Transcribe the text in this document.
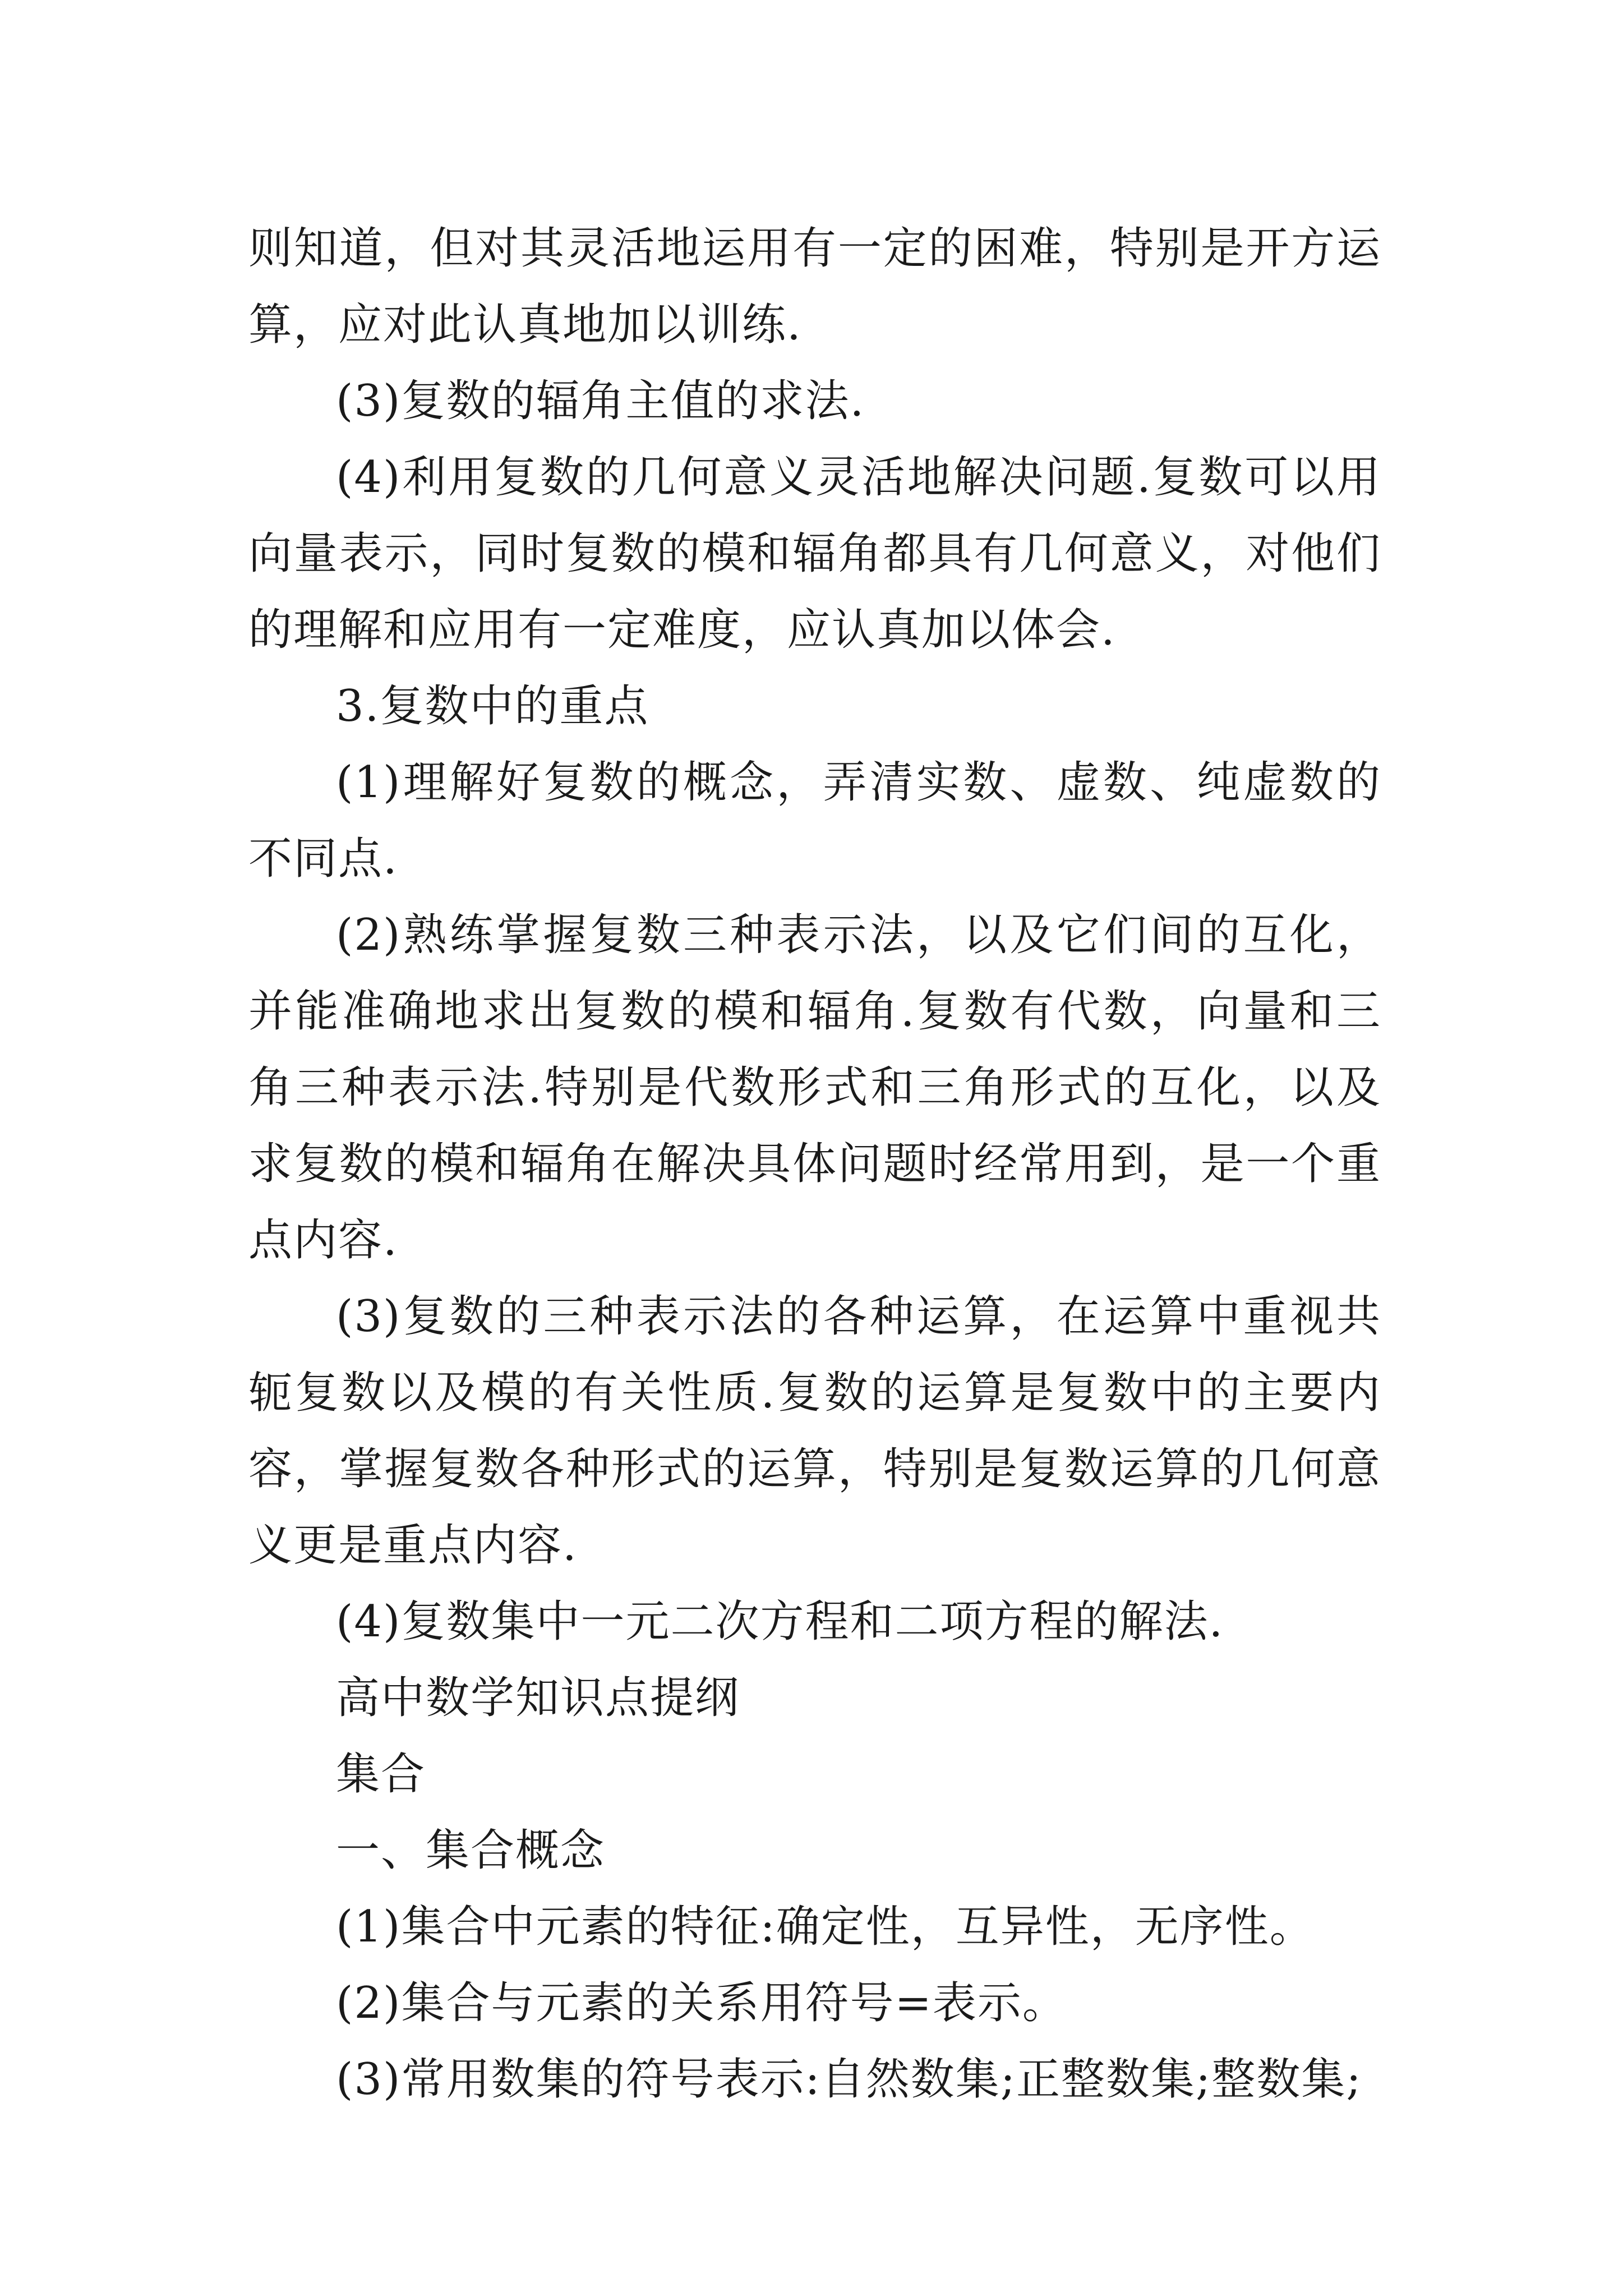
则知道，但对其灵活地运用有一定的困难，特别是开方运算，应对此认真地加以训练.

(3)复数的辐角主值的求法.

(4)利用复数的几何意义灵活地解决问题.复数可以用向量表示，同时复数的模和辐角都具有几何意义，对他们的理解和应用有一定难度，应认真加以体会.

3.复数中的重点

(1)理解好复数的概念，弄清实数、虚数、纯虚数的不同点.

(2)熟练掌握复数三种表示法，以及它们间的互化，并能准确地求出复数的模和辐角.复数有代数，向量和三角三种表示法.特别是代数形式和三角形式的互化，以及求复数的模和辐角在解决具体问题时经常用到，是一个重点内容.

(3)复数的三种表示法的各种运算，在运算中重视共轭复数以及模的有关性质.复数的运算是复数中的主要内容，掌握复数各种形式的运算，特别是复数运算的几何意义更是重点内容.

(4)复数集中一元二次方程和二项方程的解法.

高中数学知识点提纲

集合

一、集合概念

(1)集合中元素的特征:确定性，互异性，无序性。

(2)集合与元素的关系用符号=表示。

(3)常用数集的符号表示:自然数集;正整数集;整数集;
